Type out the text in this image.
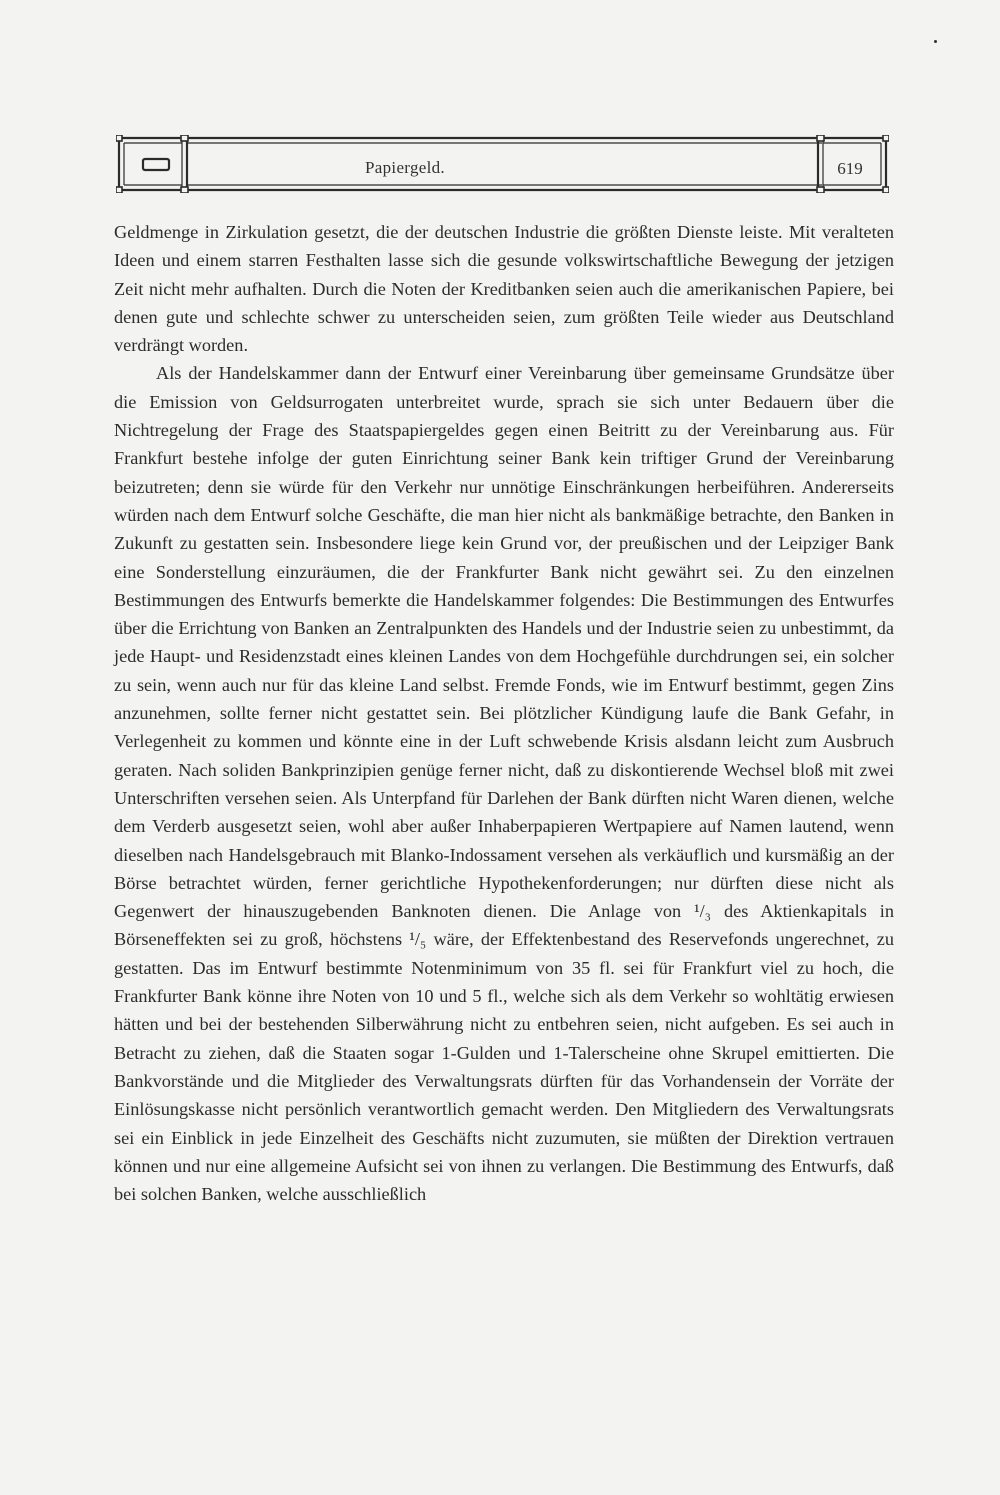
Papiergeld.	619

Geldmenge in Zirkulation gesetzt, die der deutschen Industrie die größten Dienste leiste. Mit veralteten Ideen und einem starren Festhalten lasse sich die gesunde volkswirtschaftliche Bewegung der jetzigen Zeit nicht mehr aufhalten. Durch die Noten der Kreditbanken seien auch die amerikanischen Papiere, bei denen gute und schlechte schwer zu unterscheiden seien, zum größten Teile wieder aus Deutschland verdrängt worden.

Als der Handelskammer dann der Entwurf einer Vereinbarung über gemeinsame Grundsätze über die Emission von Geldsurrogaten unterbreitet wurde, sprach sie sich unter Bedauern über die Nichtregelung der Frage des Staatspapiergeldes gegen einen Beitritt zu der Vereinbarung aus. Für Frankfurt bestehe infolge der guten Einrichtung seiner Bank kein triftiger Grund der Vereinbarung beizutreten; denn sie würde für den Verkehr nur unnötige Einschränkungen herbeiführen. Andererseits würden nach dem Entwurf solche Geschäfte, die man hier nicht als bankmäßige betrachte, den Banken in Zukunft zu gestatten sein. Insbesondere liege kein Grund vor, der preußischen und der Leipziger Bank eine Sonderstellung einzuräumen, die der Frankfurter Bank nicht gewährt sei. Zu den einzelnen Bestimmungen des Entwurfs bemerkte die Handelskammer folgendes: Die Bestimmungen des Entwurfes über die Errichtung von Banken an Zentralpunkten des Handels und der Industrie seien zu unbestimmt, da jede Haupt- und Residenzstadt eines kleinen Landes von dem Hochgefühle durchdrungen sei, ein solcher zu sein, wenn auch nur für das kleine Land selbst. Fremde Fonds, wie im Entwurf bestimmt, gegen Zins anzunehmen, sollte ferner nicht gestattet sein. Bei plötzlicher Kündigung laufe die Bank Gefahr, in Verlegenheit zu kommen und könnte eine in der Luft schwebende Krisis alsdann leicht zum Ausbruch geraten. Nach soliden Bankprinzipien genüge ferner nicht, daß zu diskontierende Wechsel bloß mit zwei Unterschriften versehen seien. Als Unterpfand für Darlehen der Bank dürften nicht Waren dienen, welche dem Verderb ausgesetzt seien, wohl aber außer Inhaberpapieren Wertpapiere auf Namen lautend, wenn dieselben nach Handelsgebrauch mit Blanko-Indossament versehen als verkäuflich und kursmäßig an der Börse betrachtet würden, ferner gerichtliche Hypothekenforderungen; nur dürften diese nicht als Gegenwert der hinauszugebenden Banknoten dienen. Die Anlage von ¹/₃ des Aktienkapitals in Börseneffekten sei zu groß, höchstens ¹/₅ wäre, der Effektenbestand des Reservefonds ungerechnet, zu gestatten. Das im Entwurf bestimmte Notenminimum von 35 fl. sei für Frankfurt viel zu hoch, die Frankfurter Bank könne ihre Noten von 10 und 5 fl., welche sich als dem Verkehr so wohltätig erwiesen hätten und bei der bestehenden Silberwährung nicht zu entbehren seien, nicht aufgeben. Es sei auch in Betracht zu ziehen, daß die Staaten sogar 1-Gulden und 1-Talerscheine ohne Skrupel emittierten. Die Bankvorstände und die Mitglieder des Verwaltungsrats dürften für das Vorhandensein der Vorräte der Einlösungskasse nicht persönlich verantwortlich gemacht werden. Den Mitgliedern des Verwaltungsrats sei ein Einblick in jede Einzelheit des Geschäfts nicht zuzumuten, sie müßten der Direktion vertrauen können und nur eine allgemeine Aufsicht sei von ihnen zu verlangen. Die Bestimmung des Entwurfs, daß bei solchen Banken, welche ausschließlich
